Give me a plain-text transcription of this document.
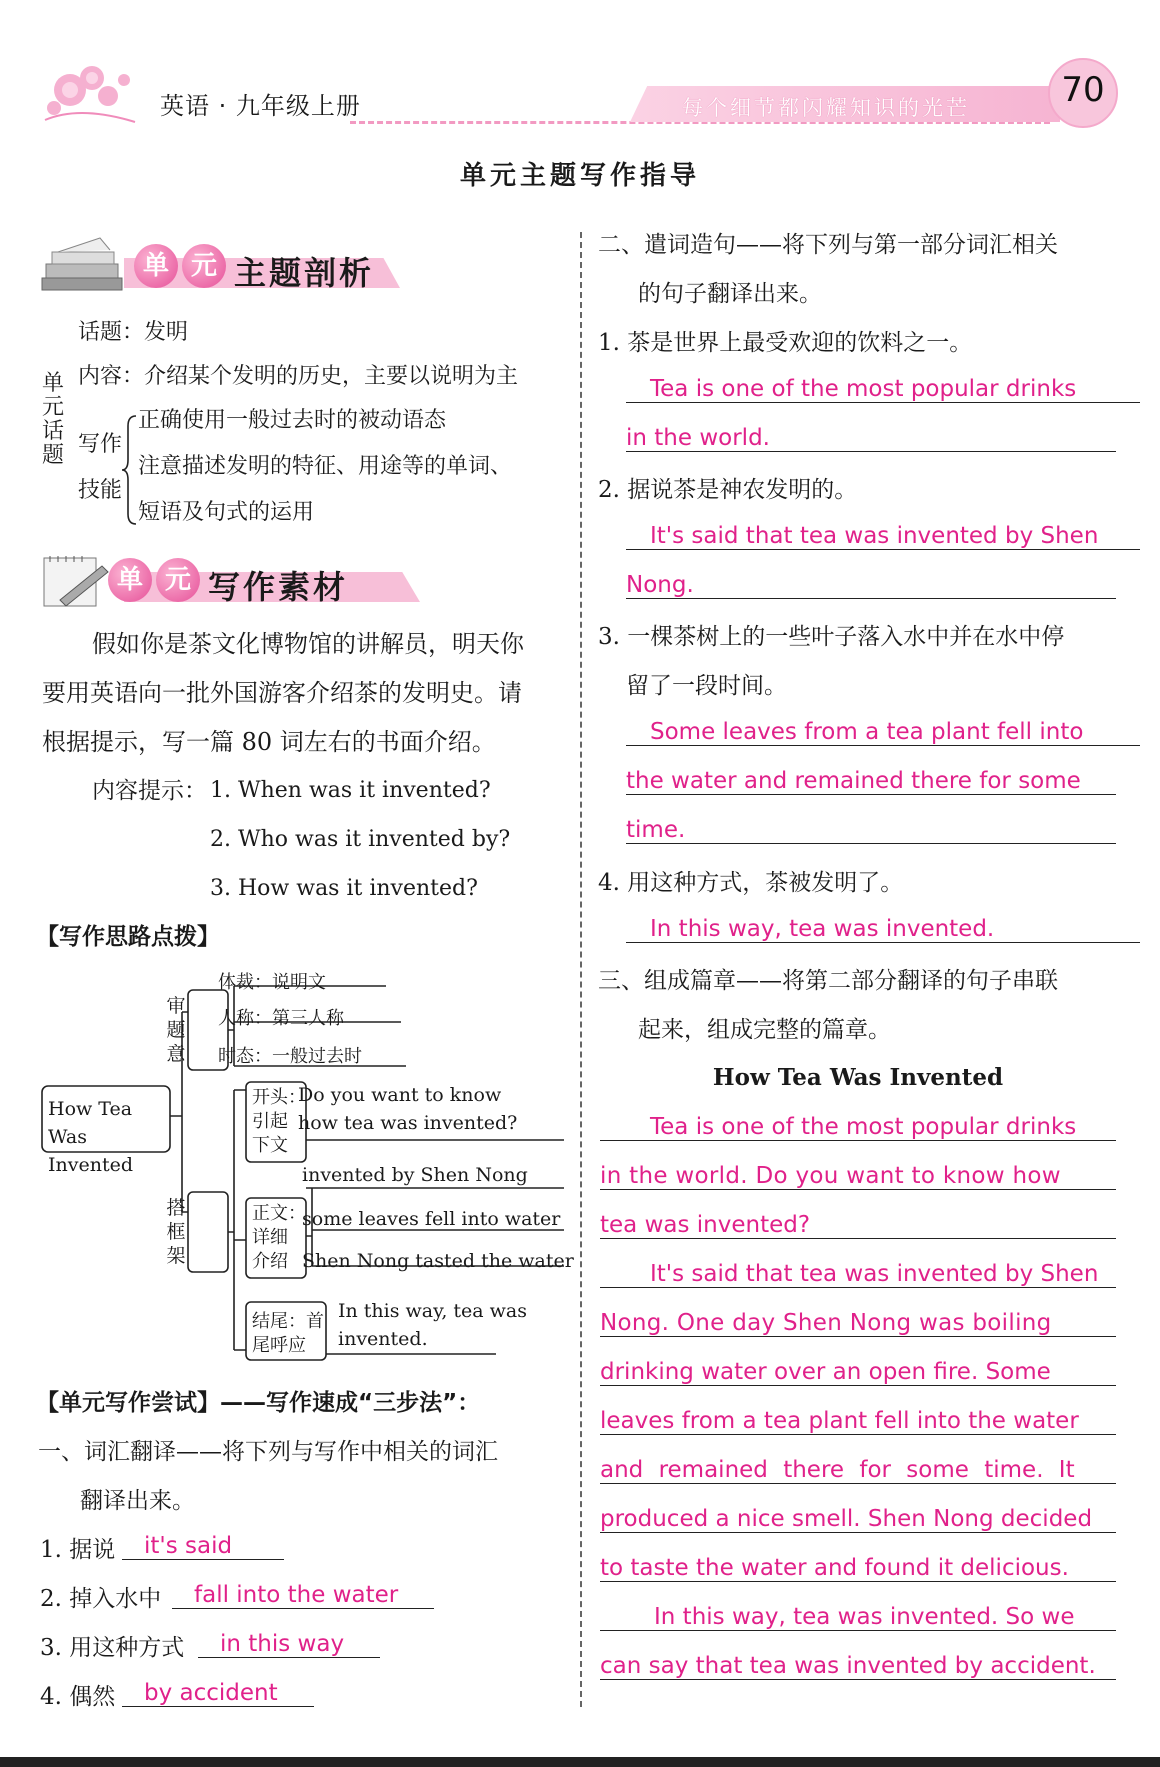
英语 · 九年级上册	每个细节都闪耀知识的光芒	70
单元主题写作指导
单 元 主题剖析
话题：发明
内容：介绍某个发明的历史，主要以说明为主
单元话题 写作
技能
正确使用一般过去时的被动语态
注意描述发明的特征、用途等的单词、
短语及句式的运用
单 元 写作素材
假如你是茶文化博物馆的讲解员，明天你
要用英语向一批外国游客介绍茶的发明史。请
根据提示，写一篇 80 词左右的书面介绍。
内容提示： 1. When was it invented?
2. Who was it invented by?
3. How was it invented?
【写作思路点拨】
How Tea
Was
Invented
审
题
意
体裁：说明文
人称：第三人称
时态：一般过去时
搭
框
架
开头：
引起
下文
Do you want to know
how tea was invented?
invented by Shen Nong
正文：
详细
介绍
some leaves fell into water
Shen Nong tasted the water
结尾：首
尾呼应
In this way, tea was
invented.
【单元写作尝试】——写作速成“三步法”：
一、词汇翻译——将下列与写作中相关的词汇
翻译出来。
1. 据说	it's said
2. 掉入水中	fall into the water
3. 用这种方式	in this way
4. 偶然	by accident
二、遣词造句——将下列与第一部分词汇相关
的句子翻译出来。
1. 茶是世界上最受欢迎的饮料之一。
Tea is one of the most popular drinks
in the world.
2. 据说茶是神农发明的。
It's said that tea was invented by Shen
Nong.
3. 一棵茶树上的一些叶子落入水中并在水中停
留了一段时间。
Some leaves from a tea plant fell into
the water and remained there for some
time.
4. 用这种方式，茶被发明了。
In this way, tea was invented.
三、组成篇章——将第二部分翻译的句子串联
起来，组成完整的篇章。
How Tea Was Invented
Tea is one of the most popular drinks
in the world. Do you want to know how
tea was invented?
It's said that tea was invented by Shen
Nong. One day Shen Nong was boiling
drinking water over an open fire. Some
leaves from a tea plant fell into the water
and remained there for some time. It
produced a nice smell. Shen Nong decided
to taste the water and found it delicious.
In this way, tea was invented. So we
can say that tea was invented by accident.
